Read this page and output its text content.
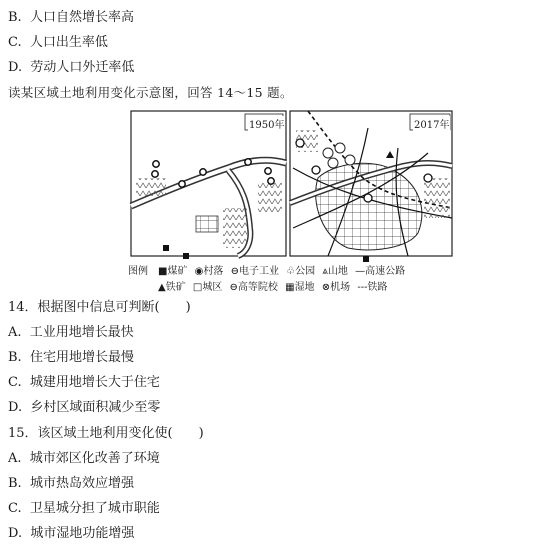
B. 人口自然增长率高
C. 人口出生率低
D. 劳动人口外迁率低
读某区域土地利用变化示意图，回答 14～15 题。
1950年	2017年
图例 ■煤矿 ◉村落 ⊖电子工业 ♧公园 ⩓山地 —高速公路
▲铁矿 □城区 ⊖高等院校 ▦湿地 ⊗机场 ---铁路
14．根据图中信息可判断(　　)
A. 工业用地增长最快
B. 住宅用地增长最慢
C. 城建用地增长大于住宅
D. 乡村区域面积减少至零
15．该区域土地利用变化使(　　)
A. 城市郊区化改善了环境
B. 城市热岛效应增强
C. 卫星城分担了城市职能
D. 城市湿地功能增强
